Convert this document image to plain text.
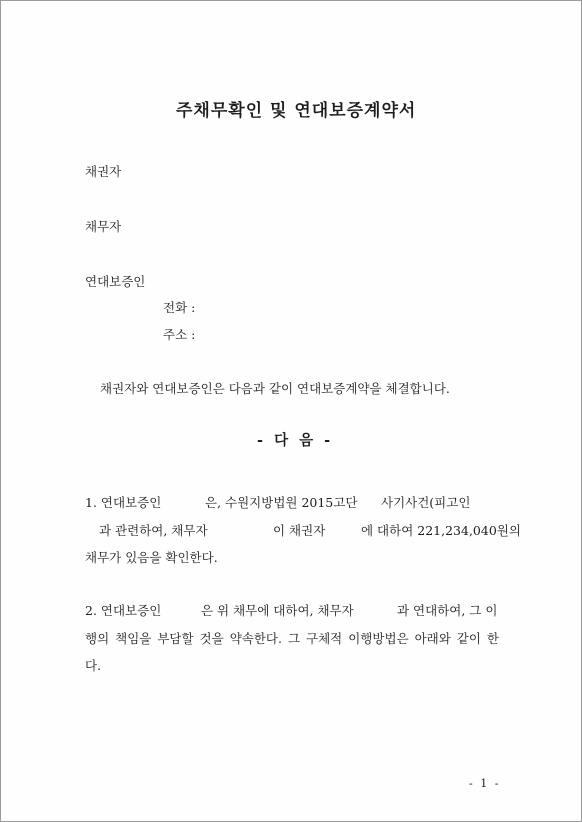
주채무확인 및 연대보증계약서
채권자
채무자
연대보증인
전화 :
주소 :
채권자와 연대보증인은 다음과 같이 연대보증계약을 체결합니다.
- 다 음 -
1. 연대보증인	은, 수원지방법원 2015고단 사기사건(피고인
과 관련하여, 채무자	이 채권자	에 대하여 221,234,040원의
채무가 있음을 확인한다.
2. 연대보증인	은 위 채무에 대하여, 채무자	과 연대하여, 그 이
행의 책임을 부담할 것을 약속한다. 그 구체적 이행방법은 아래와 같이 한
다.
- 1 -
